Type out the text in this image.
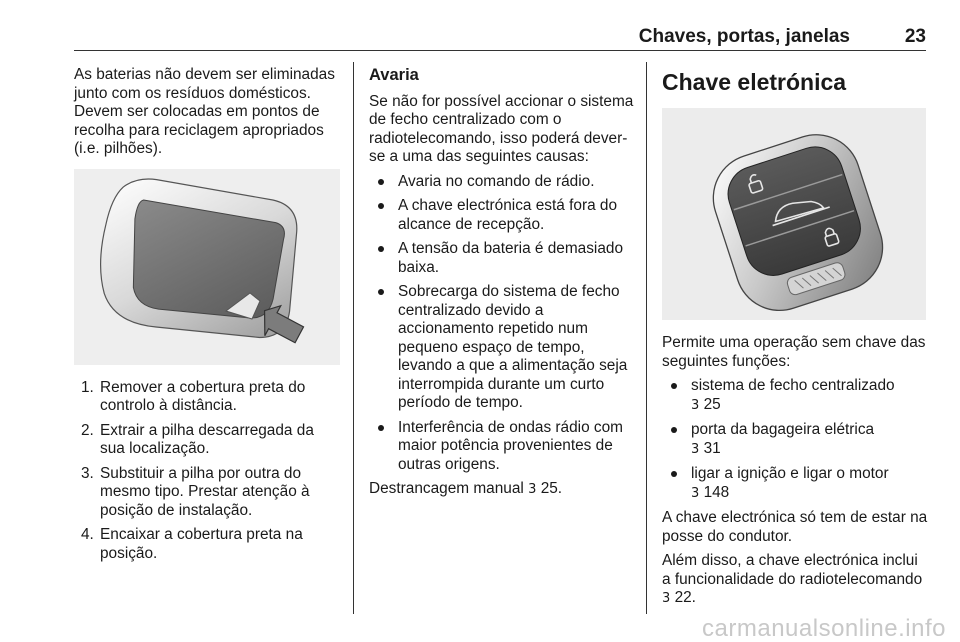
Chaves, portas, janelas	23

As baterias não devem ser eliminadas junto com os resíduos domésticos. Devem ser colocadas em pontos de recolha para reciclagem apropriados (i.e. pilhões).

1. Remover a cobertura preta do controlo à distância.
2. Extrair a pilha descarregada da sua localização.
3. Substituir a pilha por outra do mesmo tipo. Prestar atenção à posição de instalação.
4. Encaixar a cobertura preta na posição.

Avaria

Se não for possível accionar o sistema de fecho centralizado com o radiotelecomando, isso poderá dever-se a uma das seguintes causas:

Avaria no comando de rádio.
A chave electrónica está fora do alcance de recepção.
A tensão da bateria é demasiado baixa.
Sobrecarga do sistema de fecho centralizado devido a accionamento repetido num pequeno espaço de tempo, levando a que a alimentação seja interrompida durante um curto período de tempo.
Interferência de ondas rádio com maior potência provenientes de outras origens.

Destrancagem manual 3 25.

Chave eletrónica

Permite uma operação sem chave das seguintes funções:

sistema de fecho centralizado
3 25
porta da bagageira elétrica
3 31
ligar a ignição e ligar o motor
3 148

A chave electrónica só tem de estar na posse do condutor.

Além disso, a chave electrónica inclui a funcionalidade do radiotelecomando 3 22.

carmanualsonline.info
